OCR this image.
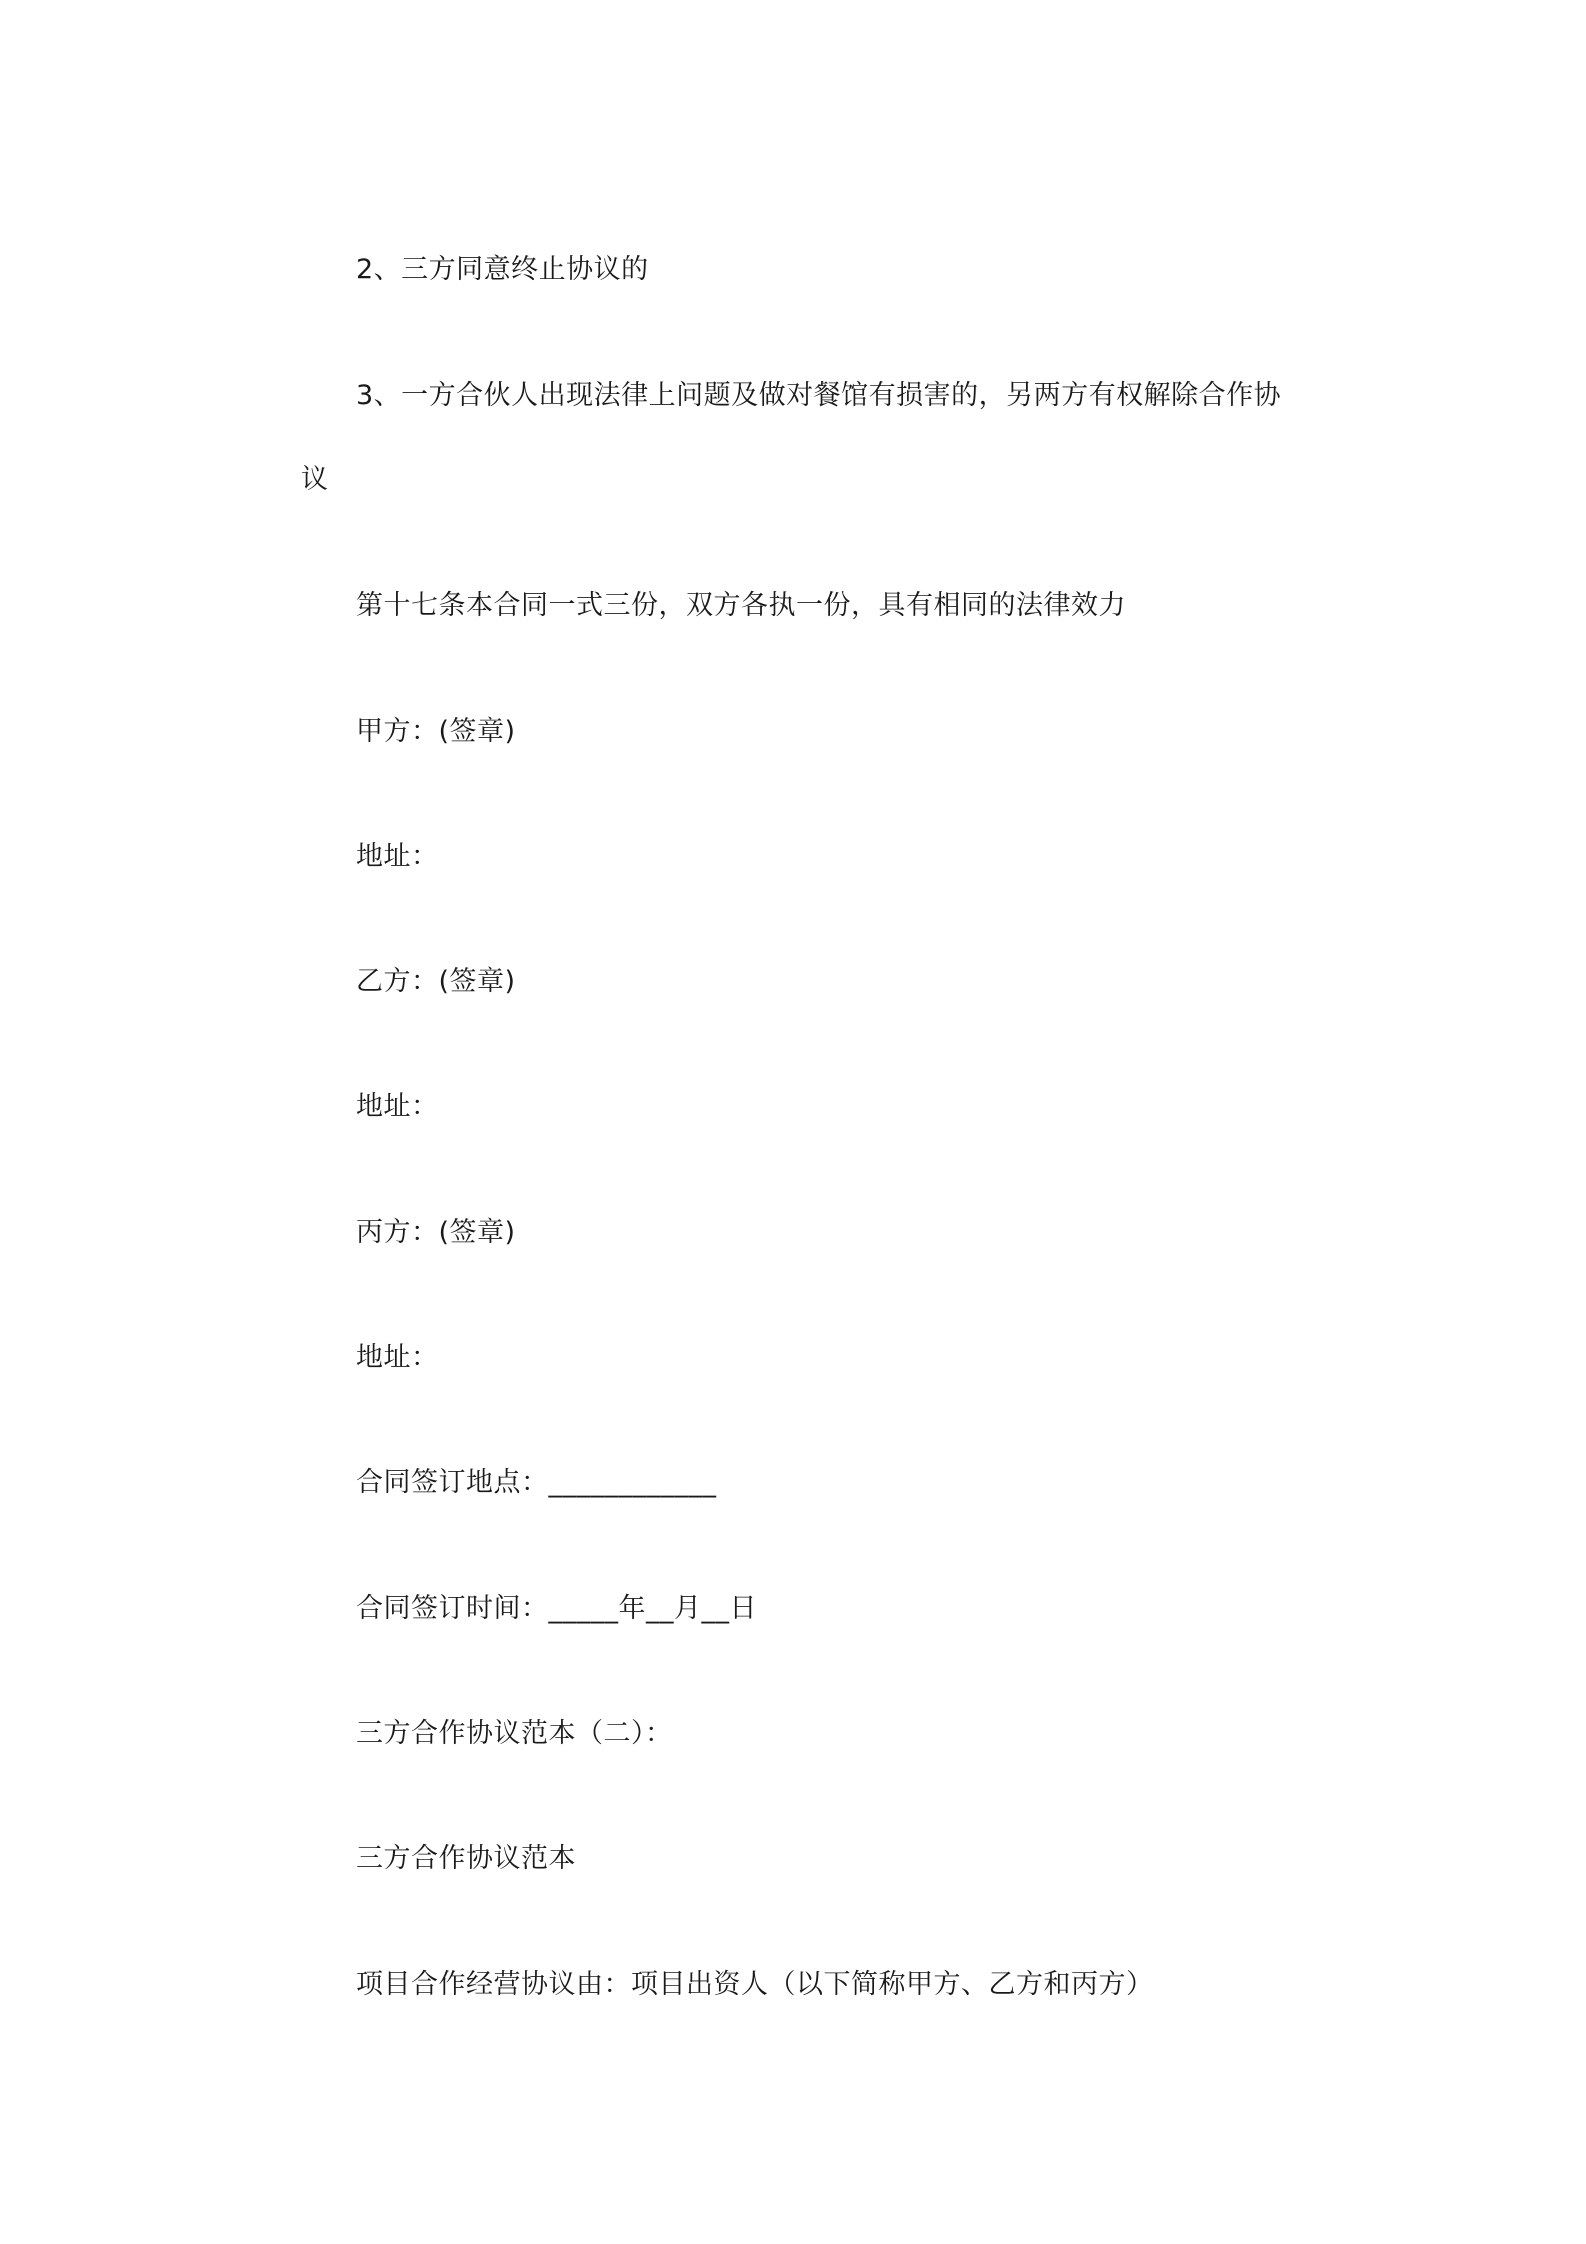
2、三方同意终止协议的
3、一方合伙人出现法律上问题及做对餐馆有损害的，另两方有权解除合作协
议
第十七条本合同一式三份，双方各执一份，具有相同的法律效力
甲方：(签章)
地址：
乙方：(签章)
地址：
丙方：(签章)
地址：
合同签订地点：____________
合同签订时间：_____年__月__日
三方合作协议范本（二）：
三方合作协议范本
项目合作经营协议由：项目出资人（以下简称甲方、乙方和丙方）
